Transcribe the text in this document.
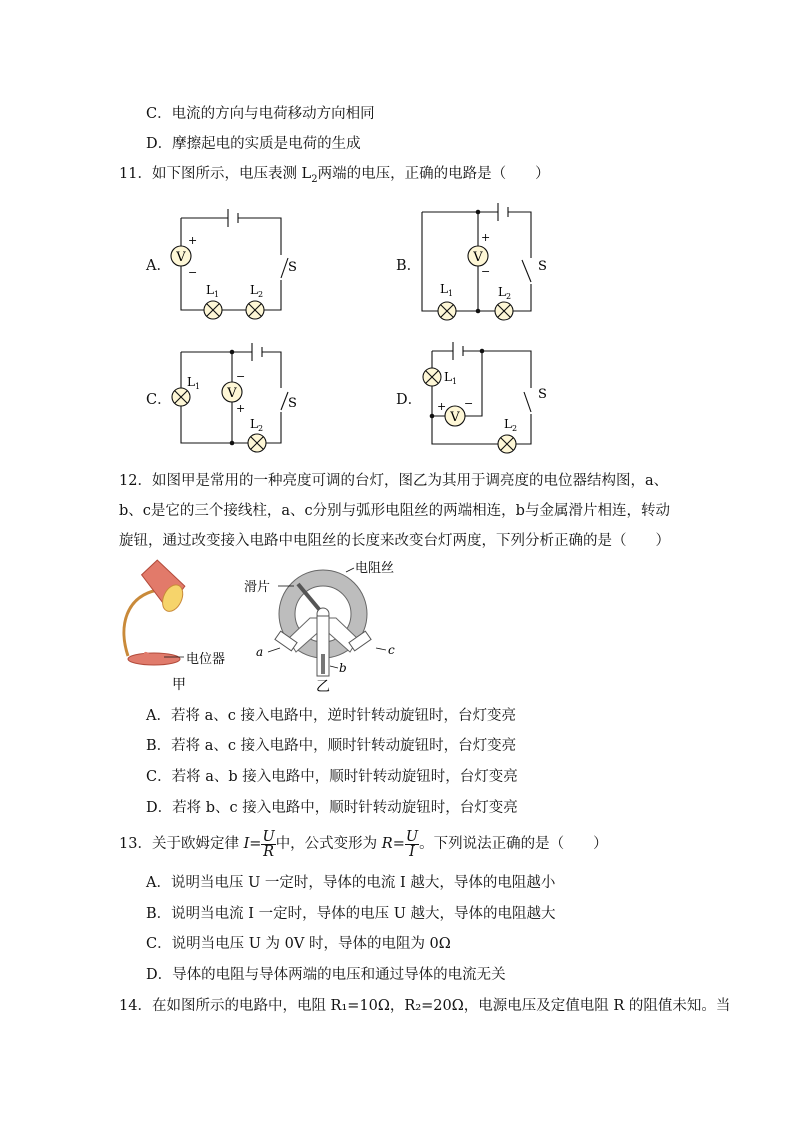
C．电流的方向与电荷移动方向相同
D．摩擦起电的实质是电荷的生成
11．如下图所示，电压表测 $L_2$两端的电压，正确的电路是（　　）
V
+
−
L 1	L 2
S
V
+
−
L 1	L 2
S
L 1 V
−
+
L 2
S
L 1
V
+ −
L 2
S
A．	B．
C．	D．
12．如图甲是常用的一种亮度可调的台灯，图乙为其用于调亮度的电位器结构图，a、b、c是它的三个接线柱，a、c分别与弧形电阻丝的两端相连，b与金属滑片相连，转动旋钮，通过改变接入电路中电阻丝的长度来改变台灯两度，下列分析正确的是（　　）
电位器
甲
a	c
b
滑片
电阻丝
乙
A．若将 a、c 接入电路中，逆时针转动旋钮时，台灯变亮
B．若将 a、c 接入电路中，顺时针转动旋钮时，台灯变亮
C．若将 a、b 接入电路中，顺时针转动旋钮时，台灯变亮
D．若将 b、c 接入电路中，顺时针转动旋钮时，台灯变亮
13．关于欧姆定律 $I= \frac{U}{R}$ 中，公式变形为 $R= \frac{U}{I}$ 。下列说法正确的是（　　）
A．说明当电压 U 一定时，导体的电流 I 越大，导体的电阻越小
B．说明当电流 I 一定时，导体的电压 U 越大，导体的电阻越大
C．说明当电压 U 为 0V 时，导体的电阻为 0Ω
D．导体的电阻与导体两端的电压和通过导体的电流无关
14．在如图所示的电路中，电阻 R₁=10Ω，R₂=20Ω，电源电压及定值电阻 R 的阻值未知。当
